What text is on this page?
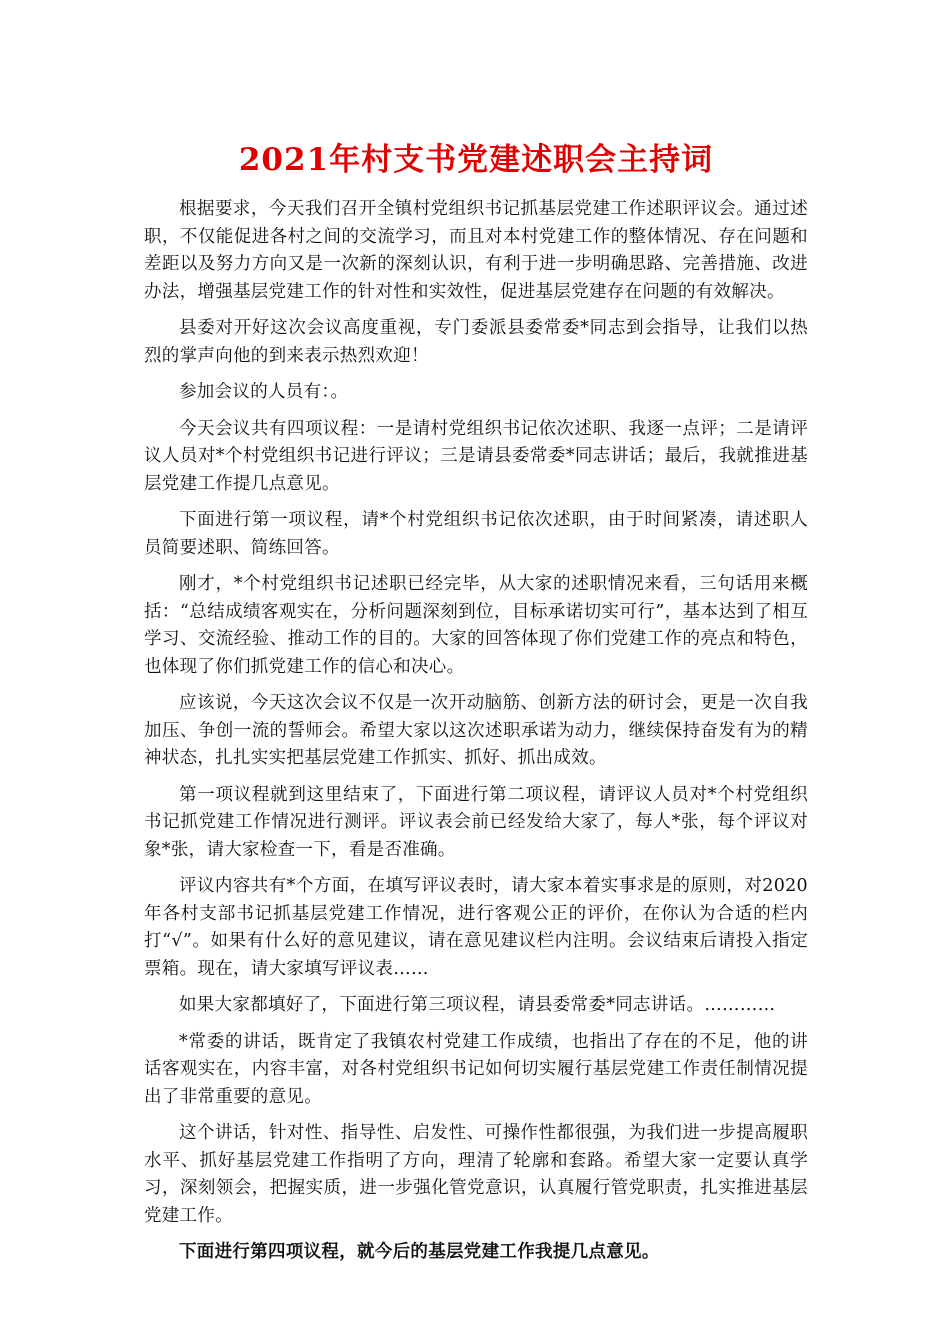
2021年村支书党建述职会主持词

根据要求，今天我们召开全镇村党组织书记抓基层党建工作述职评议会。通过述职，不仅能促进各村之间的交流学习，而且对本村党建工作的整体情况、存在问题和差距以及努力方向又是一次新的深刻认识，有利于进一步明确思路、完善措施、改进办法，增强基层党建工作的针对性和实效性，促进基层党建存在问题的有效解决。

县委对开好这次会议高度重视，专门委派县委常委*同志到会指导，让我们以热烈的掌声向他的到来表示热烈欢迎！

参加会议的人员有：。

今天会议共有四项议程：一是请村党组织书记依次述职、我逐一点评；二是请评议人员对*个村党组织书记进行评议；三是请县委常委*同志讲话；最后，我就推进基层党建工作提几点意见。

下面进行第一项议程，请*个村党组织书记依次述职，由于时间紧凑，请述职人员简要述职、简练回答。

刚才，*个村党组织书记述职已经完毕，从大家的述职情况来看，三句话用来概括：“总结成绩客观实在，分析问题深刻到位，目标承诺切实可行”，基本达到了相互学习、交流经验、推动工作的目的。大家的回答体现了你们党建工作的亮点和特色，也体现了你们抓党建工作的信心和决心。

应该说，今天这次会议不仅是一次开动脑筋、创新方法的研讨会，更是一次自我加压、争创一流的誓师会。希望大家以这次述职承诺为动力，继续保持奋发有为的精神状态，扎扎实实把基层党建工作抓实、抓好、抓出成效。

第一项议程就到这里结束了，下面进行第二项议程，请评议人员对*个村党组织书记抓党建工作情况进行测评。评议表会前已经发给大家了，每人*张，每个评议对象*张，请大家检查一下，看是否准确。

评议内容共有*个方面，在填写评议表时，请大家本着实事求是的原则，对2020年各村支部书记抓基层党建工作情况，进行客观公正的评价，在你认为合适的栏内打“√”。如果有什么好的意见建议，请在意见建议栏内注明。会议结束后请投入指定票箱。现在，请大家填写评议表……

如果大家都填好了，下面进行第三项议程，请县委常委*同志讲话。…………

*常委的讲话，既肯定了我镇农村党建工作成绩，也指出了存在的不足，他的讲话客观实在，内容丰富，对各村党组织书记如何切实履行基层党建工作责任制情况提出了非常重要的意见。

这个讲话，针对性、指导性、启发性、可操作性都很强，为我们进一步提高履职水平、抓好基层党建工作指明了方向，理清了轮廓和套路。希望大家一定要认真学习，深刻领会，把握实质，进一步强化管党意识，认真履行管党职责，扎实推进基层党建工作。

下面进行第四项议程，就今后的基层党建工作我提几点意见。
